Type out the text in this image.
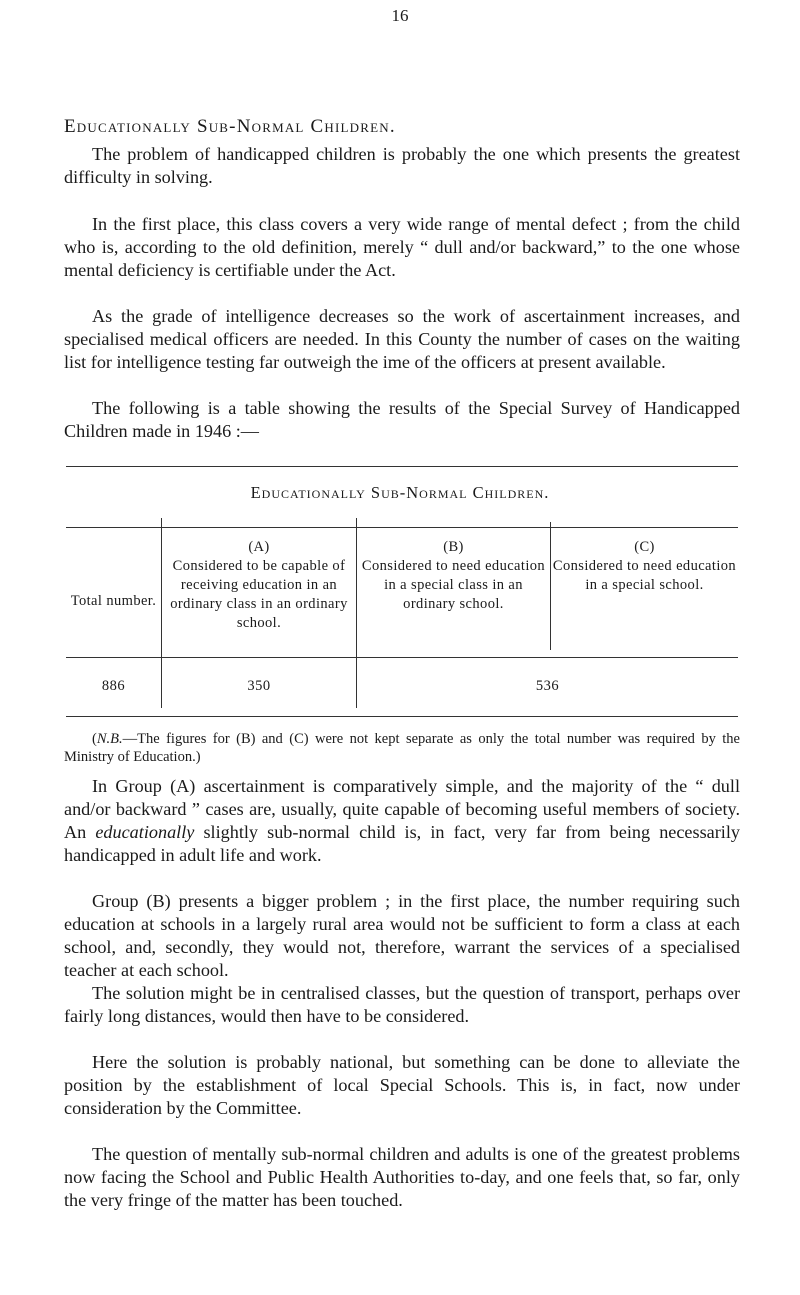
16
Educationally Sub-Normal Children.

The problem of handicapped children is probably the one which presents the greatest difficulty in solving.

In the first place, this class covers a very wide range of mental defect ; from the child who is, according to the old definition, merely “ dull and/or backward,” to the one whose mental deficiency is certifiable under the Act.

As the grade of intelligence decreases so the work of ascertainment increases, and specialised medical officers are needed. In this County the number of cases on the waiting list for intelligence testing far outweigh the ime of the officers at present available.

The following is a table showing the results of the Special Survey of Handicapped Children made in 1946 :—

Educationally Sub-Normal Children.
Total number.
(A)
Considered to be capable of receiving education in an ordinary class in an ordinary school.
(B)
Considered to need education in a special class in an ordinary school.
(C)
Considered to need education in a special school.
886	350	536

(N.B.—The figures for (B) and (C) were not kept separate as only the total number was required by the Ministry of Education.)

In Group (A) ascertainment is comparatively simple, and the majority of the “ dull and/or backward ” cases are, usually, quite capable of becoming useful members of society. An educationally slightly sub-normal child is, in fact, very far from being necessarily handicapped in adult life and work.

Group (B) presents a bigger problem ; in the first place, the number requiring such education at schools in a largely rural area would not be sufficient to form a class at each school, and, secondly, they would not, therefore, warrant the services of a specialised teacher at each school.

The solution might be in centralised classes, but the question of transport, perhaps over fairly long distances, would then have to be considered.

Here the solution is probably national, but something can be done to alleviate the position by the establishment of local Special Schools. This is, in fact, now under consideration by the Committee.

The question of mentally sub-normal children and adults is one of the greatest problems now facing the School and Public Health Authorities to-day, and one feels that, so far, only the very fringe of the matter has been touched.
